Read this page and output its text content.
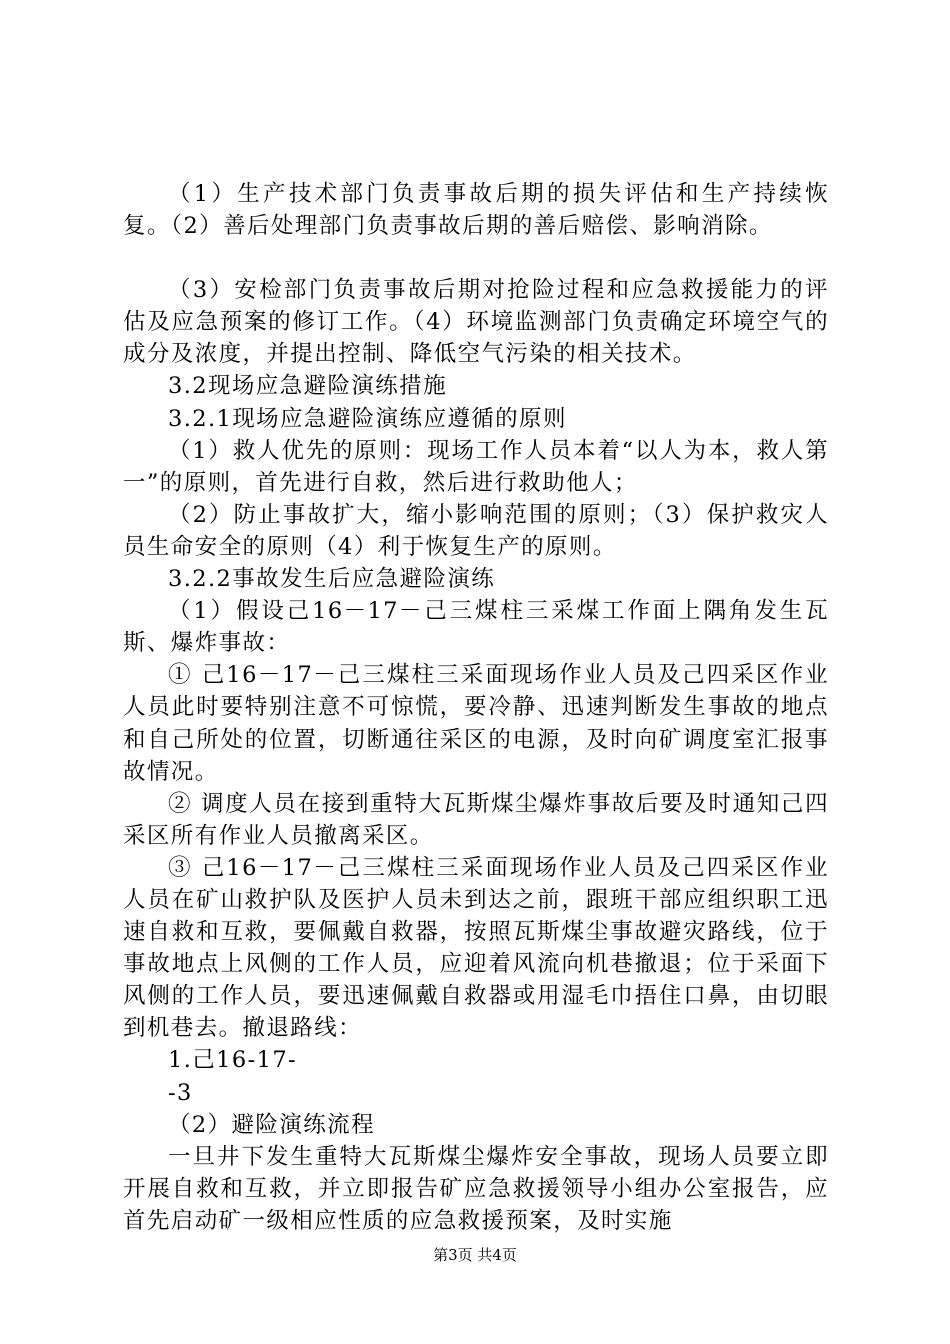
（1）生产技术部门负责事故后期的损失评估和生产持续恢复。（2）善后处理部门负责事故后期的善后赔偿、影响消除。

（3）安检部门负责事故后期对抢险过程和应急救援能力的评估及应急预案的修订工作。（4）环境监测部门负责确定环境空气的成分及浓度，并提出控制、降低空气污染的相关技术。

3.2现场应急避险演练措施

3.2.1现场应急避险演练应遵循的原则

（1）救人优先的原则：现场工作人员本着“以人为本，救人第一”的原则，首先进行自救，然后进行救助他人；

（2）防止事故扩大，缩小影响范围的原则；（3）保护救灾人员生命安全的原则（4）利于恢复生产的原则。

3.2.2事故发生后应急避险演练

（1）假设己16－17－己三煤柱三采煤工作面上隅角发生瓦斯、爆炸事故：

① 己16－17－己三煤柱三采面现场作业人员及己四采区作业人员此时要特别注意不可惊慌，要冷静、迅速判断发生事故的地点和自己所处的位置，切断通往采区的电源，及时向矿调度室汇报事故情况。

② 调度人员在接到重特大瓦斯煤尘爆炸事故后要及时通知己四采区所有作业人员撤离采区。

③ 己16－17－己三煤柱三采面现场作业人员及己四采区作业人员在矿山救护队及医护人员未到达之前，跟班干部应组织职工迅速自救和互救，要佩戴自救器，按照瓦斯煤尘事故避灾路线，位于事故地点上风侧的工作人员，应迎着风流向机巷撤退；位于采面下风侧的工作人员，要迅速佩戴自救器或用湿毛巾捂住口鼻，由切眼到机巷去。撤退路线：

1.己16-17-

-3

（2）避险演练流程

一旦井下发生重特大瓦斯煤尘爆炸安全事故，现场人员要立即开展自救和互救，并立即报告矿应急救援领导小组办公室报告，应首先启动矿一级相应性质的应急救援预案，及时实施

第3页 共4页
